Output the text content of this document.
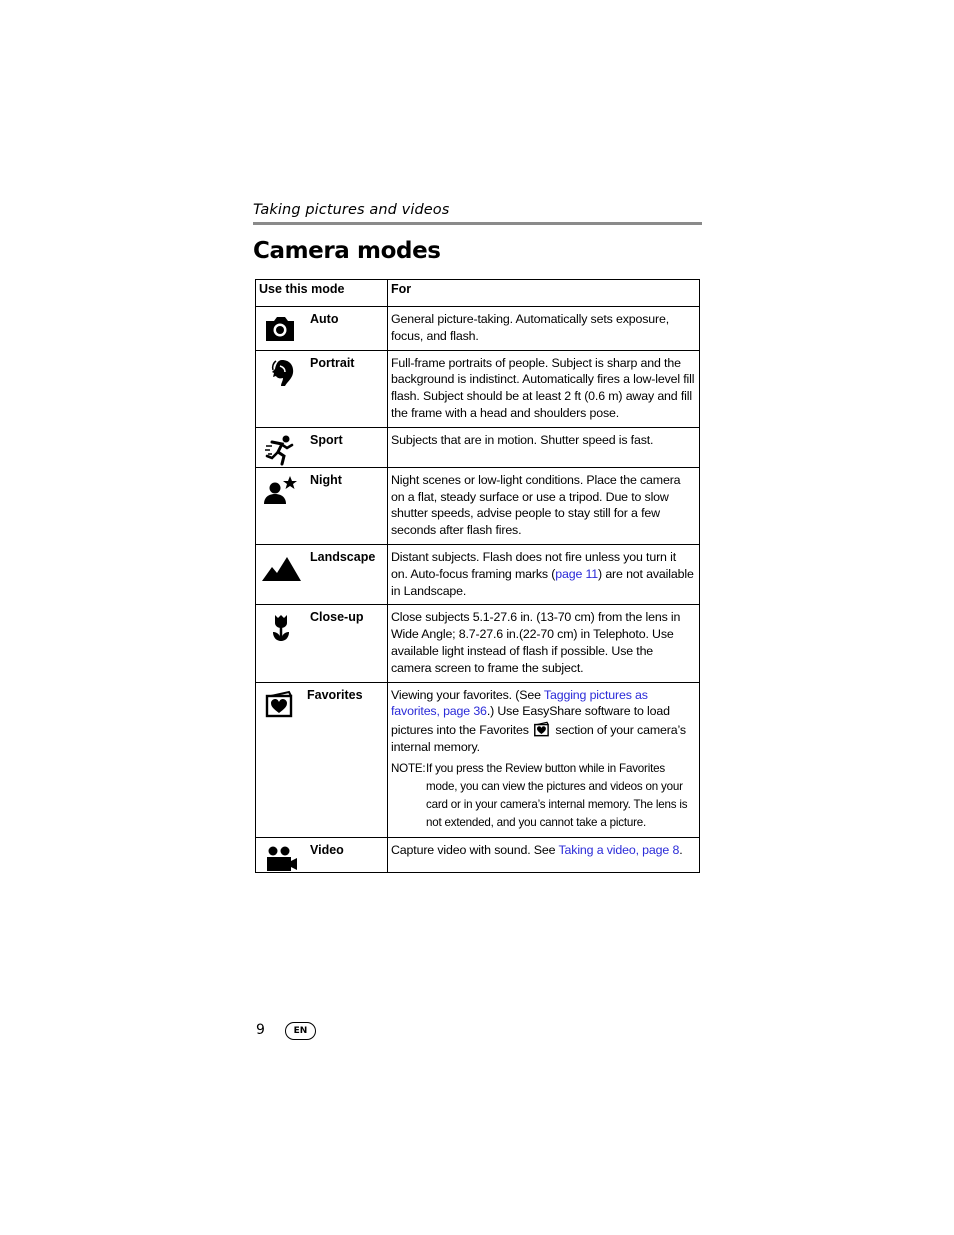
Taking pictures and videos
Camera modes
Use this mode	For

Auto	General picture-taking. Automatically sets exposure, focus, and flash.

Portrait	Full-frame portraits of people. Subject is sharp and the background is indistinct. Automatically fires a low-level fill flash. Subject should be at least 2 ft (0.6 m) away and fill the frame with a head and shoulders pose.

Sport	Subjects that are in motion. Shutter speed is fast.

Night	Night scenes or low-light conditions. Place the camera on a flat, steady surface or use a tripod. Due to slow shutter speeds, advise people to stay still for a few seconds after flash fires.

Landscape	Distant subjects. Flash does not fire unless you turn it on. Auto-focus framing marks (page 11) are not available in Landscape.

Close-up	Close subjects 5.1-27.6 in. (13-70 cm) from the lens in Wide Angle; 8.7-27.6 in.(22-70 cm) in Telephoto. Use available light instead of flash if possible. Use the camera screen to frame the subject.

Favorites	Viewing your favorites. (See Tagging pictures as favorites, page 36.) Use EasyShare software to load pictures into the Favorites  section of your camera’s internal memory.
NOTE: If you press the Review button while in Favorites mode, you can view the pictures and videos on your card or in your camera’s internal memory. The lens is not extended, and you cannot take a picture.

Video	Capture video with sound. See Taking a video, page 8.
9	EN
